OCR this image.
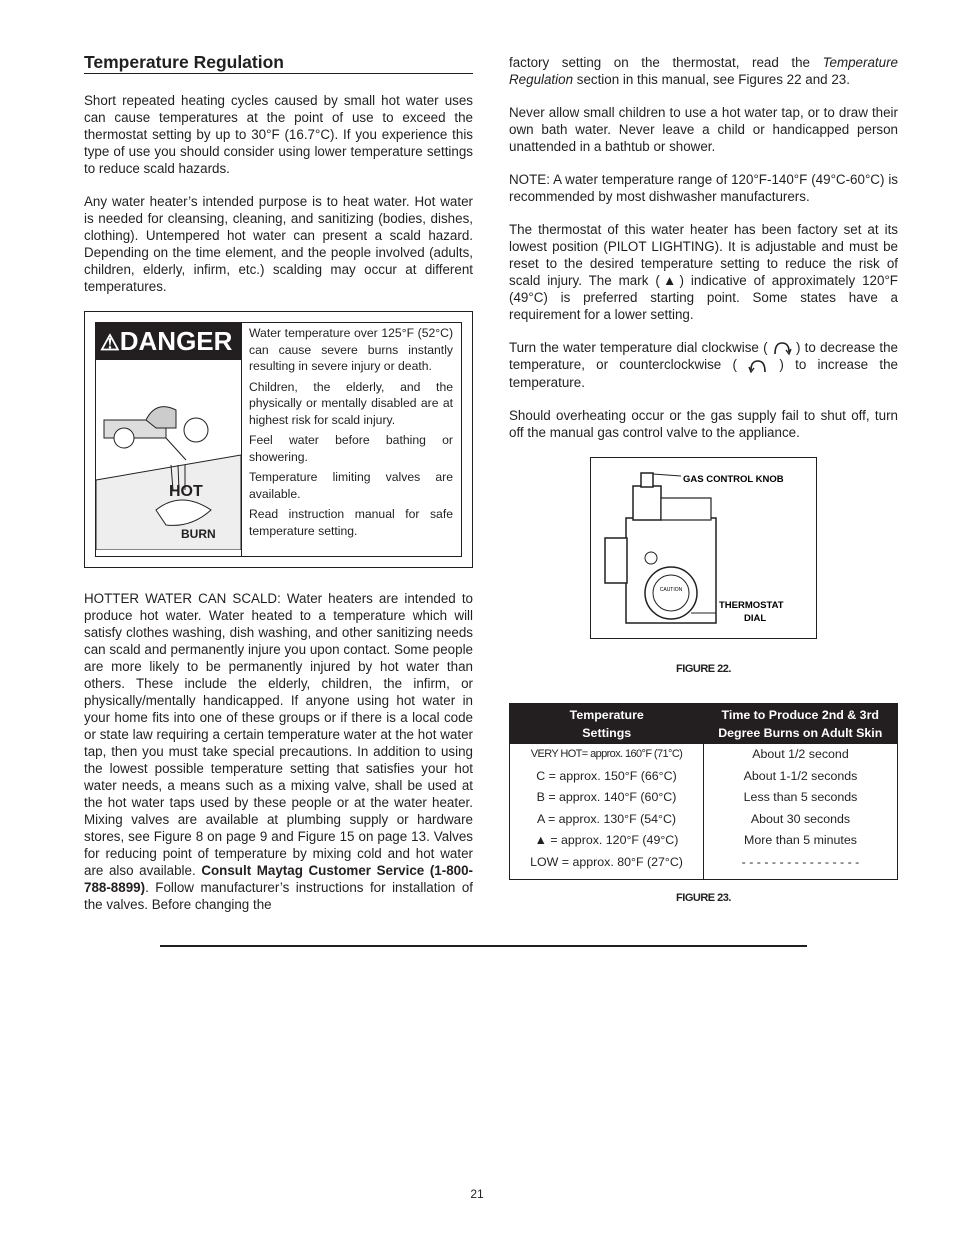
Temperature Regulation

Short repeated heating cycles caused by small hot water uses can cause temperatures at the point of use to exceed the thermostat setting by up to 30°F (16.7°C). If you experience this type of use you should consider using lower temperature settings to reduce scald hazards.

Any water heater’s intended purpose is to heat water. Hot water is needed for cleansing, cleaning, and sanitizing (bodies, dishes, clothing). Untempered hot water can present a scald hazard. Depending on the time element, and the people involved (adults, children, elderly, infirm, etc.) scalding may occur at different temperatures.

⚠DANGER
HOT
BURN
Water temperature over 125°F (52°C) can cause severe burns instantly resulting in severe injury or death.
Children, the elderly, and the physically or mentally disabled are at highest risk for scald injury.
Feel water before bathing or showering.
Temperature limiting valves are available.
Read instruction manual for safe temperature setting.

HOTTER WATER CAN SCALD: Water heaters are intended to produce hot water. Water heated to a temperature which will satisfy clothes washing, dish washing, and other sanitizing needs can scald and permanently injure you upon contact. Some people are more likely to be permanently injured by hot water than others. These include the elderly, children, the infirm, or physically/mentally handicapped. If anyone using hot water in your home fits into one of these groups or if there is a local code or state law requiring a certain temperature water at the hot water tap, then you must take special precautions. In addition to using the lowest possible temperature setting that satisfies your hot water needs, a means such as a mixing valve, shall be used at the hot water taps used by these people or at the water heater. Mixing valves are available at plumbing supply or hardware stores, see Figure 8 on page 9 and Figure 15 on page 13. Valves for reducing point of temperature by mixing cold and hot water are also available. Consult Maytag Customer Service (1-800-788-8899). Follow manufacturer’s instructions for installation of the valves. Before changing the

factory setting on the thermostat, read the Temperature Regulation section in this manual, see Figures 22 and 23.

Never allow small children to use a hot water tap, or to draw their own bath water. Never leave a child or handicapped person unattended in a bathtub or shower.

NOTE: A water temperature range of 120°F-140°F (49°C-60°C) is recommended by most dishwasher manufacturers.

The thermostat of this water heater has been factory set at its lowest position (PILOT LIGHTING). It is adjustable and must be reset to the desired temperature setting to reduce the risk of scald injury. The mark (▲) indicative of approximately 120°F (49°C) is preferred starting point. Some states have a requirement for a lower setting.

Turn the water temperature dial clockwise ( ) to decrease the temperature, or counterclockwise (	) to increase the temperature.

Should overheating occur or the gas supply fail to shut off, turn off the manual gas control valve to the appliance.

CAUTION
GAS CONTROL KNOB
THERMOSTAT
DIAL
FIGURE 22.
Temperature
Settings	Time to Produce 2nd & 3rd
Degree Burns on Adult Skin
VERY HOT= approx. 160°F (71°C)	About 1/2 second
C = approx. 150°F (66°C)	About 1-1/2 seconds
B = approx. 140°F (60°C)	Less than 5 seconds
A = approx. 130°F (54°C)	About 30 seconds
▲ = approx. 120°F (49°C)	More than 5 minutes
LOW = approx. 80°F (27°C)	- - - - - - - - - - - - - - - -
FIGURE 23.
21
